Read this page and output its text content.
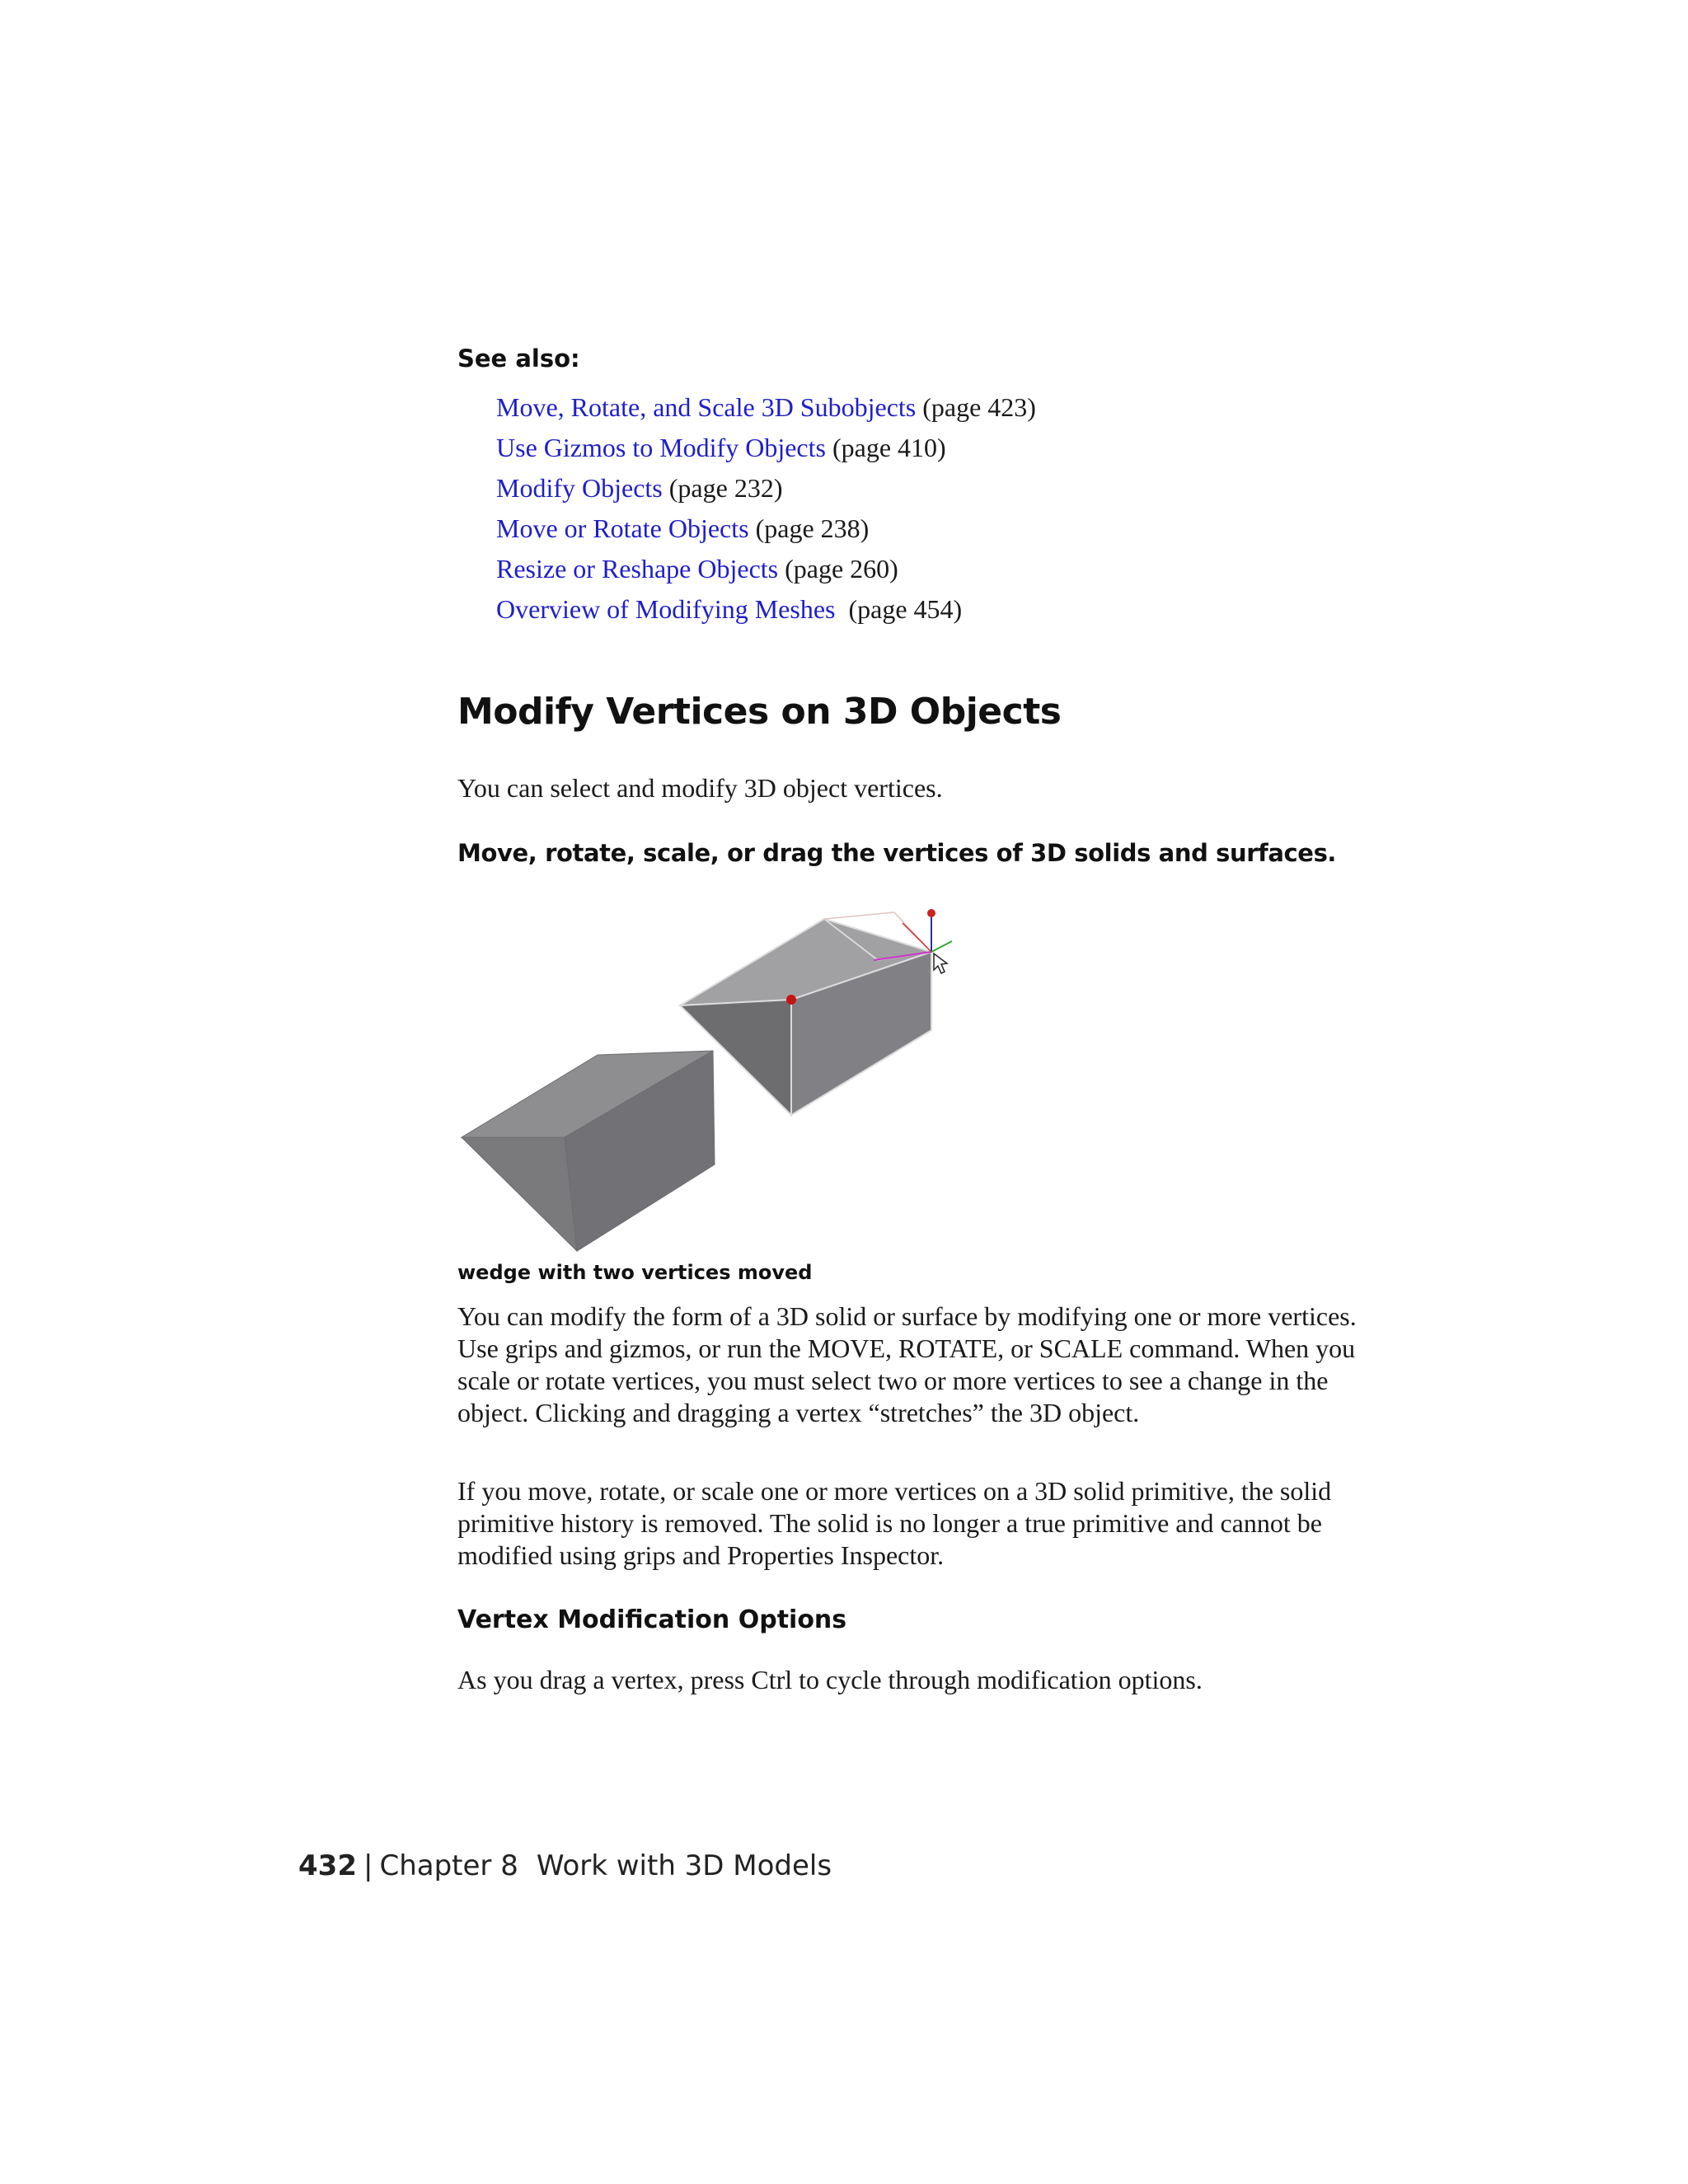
See also:
Move, Rotate, and Scale 3D Subobjects (page 423)
Use Gizmos to Modify Objects (page 410)
Modify Objects (page 232)
Move or Rotate Objects (page 238)
Resize or Reshape Objects (page 260)
Overview of Modifying Meshes (page 454)
Modify Vertices on 3D Objects
You can select and modify 3D object vertices.
Move, rotate, scale, or drag the vertices of 3D solids and surfaces.
wedge with two vertices moved

You can modify the form of a 3D solid or surface by modifying one or more vertices. Use grips and gizmos, or run the MOVE, ROTATE, or SCALE command. When you scale or rotate vertices, you must select two or more vertices to see a change in the object. Clicking and dragging a vertex “stretches” the 3D object.

If you move, rotate, or scale one or more vertices on a 3D solid primitive, the solid primitive history is removed. The solid is no longer a true primitive and cannot be modified using grips and Properties Inspector.

Vertex Modification Options
As you drag a vertex, press Ctrl to cycle through modification options.
432 | Chapter 8 Work with 3D Models
